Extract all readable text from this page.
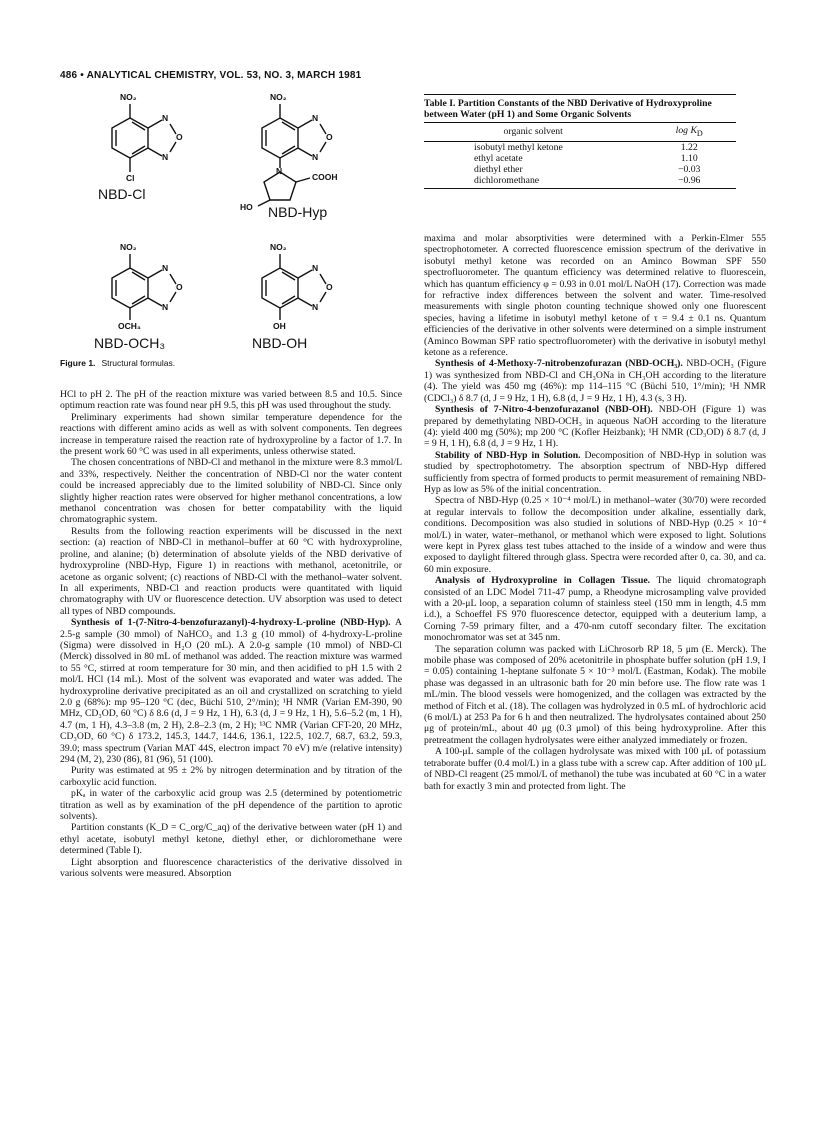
486 • ANALYTICAL CHEMISTRY, VOL. 53, NO. 3, MARCH 1981
NO₂
N
O
N
Cl
NBD-Cl
NO₂
N
O
N
N
COOH
HO NBD-Hyp
NO₂
N
O
N
OCH₃
NBD-OCH₃
NO₂
N
O
N
OH
NBD-OH
Figure 1. Structural formulas.
Table I. Partition Constants of the NBD Derivative of Hydroxyproline between Water (pH 1) and Some Organic Solvents
organic solvent	$\log K_D$
isobutyl methyl ketone	1.22
ethyl acetate	1.10
diethyl ether	−0.03
dichloromethane	−0.96

HCl to pH 2. The pH of the reaction mixture was varied between 8.5 and 10.5. Since optimum reaction rate was found near pH 9.5, this pH was used throughout the study.

Preliminary experiments had shown similar temperature dependence for the reactions with different amino acids as well as with solvent components. Ten degrees increase in temperature raised the reaction rate of hydroxyproline by a factor of 1.7. In the present work 60 °C was used in all experiments, unless otherwise stated.

The chosen concentrations of NBD-Cl and methanol in the mixture were 8.3 mmol/L and 33%, respectively. Neither the concentration of NBD-Cl nor the water content could be increased appreciably due to the limited solubility of NBD-Cl. Since only slightly higher reaction rates were observed for higher methanol concentrations, a low methanol concentration was chosen for better compatability with the liquid chromatographic system.

Results from the following reaction experiments will be discussed in the next section: (a) reaction of NBD-Cl in methanol–buffer at 60 °C with hydroxyproline, proline, and alanine; (b) determination of absolute yields of the NBD derivative of hydroxyproline (NBD-Hyp, Figure 1) in reactions with methanol, acetonitrile, or acetone as organic solvent; (c) reactions of NBD-Cl with the methanol–water solvent. In all experiments, NBD-Cl and reaction products were quantitated with liquid chromatography with UV or fluorescence detection. UV absorption was used to detect all types of NBD compounds.

Synthesis of 1-(7-Nitro-4-benzofurazanyl)-4-hydroxy-L-proline (NBD-Hyp). A 2.5-g sample (30 mmol) of NaHCO₃ and 1.3 g (10 mmol) of 4-hydroxy-L-proline (Sigma) were dissolved in H₂O (20 mL). A 2.0-g sample (10 mmol) of NBD-Cl (Merck) dissolved in 80 mL of methanol was added. The reaction mixture was warmed to 55 °C, stirred at room temperature for 30 min, and then acidified to pH 1.5 with 2 mol/L HCl (14 mL). Most of the solvent was evaporated and water was added. The hydroxyproline derivative precipitated as an oil and crystallized on scratching to yield 2.0 g (68%): mp 95–120 °C (dec, Büchi 510, 2°/min); ¹H NMR (Varian EM-390, 90 MHz, CD₃OD, 60 °C) δ 8.6 (d, J = 9 Hz, 1 H), 6.3 (d, J = 9 Hz, 1 H), 5.6–5.2 (m, 1 H), 4.7 (m, 1 H), 4.3–3.8 (m, 2 H), 2.8–2.3 (m, 2 H); ¹³C NMR (Varian CFT-20, 20 MHz, CD₃OD, 60 °C) δ 173.2, 145.3, 144.7, 144.6, 136.1, 122.5, 102.7, 68.7, 63.2, 59.3, 39.0; mass spectrum (Varian MAT 44S, electron impact 70 eV) m/e (relative intensity) 294 (M, 2), 230 (86), 81 (96), 51 (100).

Purity was estimated at 95 ± 2% by nitrogen determination and by titration of the carboxylic acid function.

pKₐ in water of the carboxylic acid group was 2.5 (determined by potentiometric titration as well as by examination of the pH dependence of the partition to aprotic solvents).

Partition constants (K_D = C_org/C_aq) of the derivative between water (pH 1) and ethyl acetate, isobutyl methyl ketone, diethyl ether, or dichloromethane were determined (Table I).

Light absorption and fluorescence characteristics of the derivative dissolved in various solvents were measured. Absorption

maxima and molar absorptivities were determined with a Perkin-Elmer 555 spectrophotometer. A corrected fluorescence emission spectrum of the derivative in isobutyl methyl ketone was recorded on an Aminco Bowman SPF 550 spectrofluorometer. The quantum efficiency was determined relative to fluorescein, which has quantum efficiency φ = 0.93 in 0.01 mol/L NaOH (17). Correction was made for refractive index differences between the solvent and water. Time-resolved measurements with single photon counting technique showed only one fluorescent species, having a lifetime in isobutyl methyl ketone of τ = 9.4 ± 0.1 ns. Quantum efficiencies of the derivative in other solvents were determined on a simple instrument (Aminco Bowman SPF ratio spectrofluorometer) with the derivative in isobutyl methyl ketone as a reference.

Synthesis of 4-Methoxy-7-nitrobenzofurazan (NBD-OCH₃). NBD-OCH₃ (Figure 1) was synthesized from NBD-Cl and CH₃ONa in CH₃OH according to the literature (4). The yield was 450 mg (46%): mp 114–115 °C (Büchi 510, 1°/min); ¹H NMR (CDCl₃) δ 8.7 (d, J = 9 Hz, 1 H), 6.8 (d, J = 9 Hz, 1 H), 4.3 (s, 3 H).

Synthesis of 7-Nitro-4-benzofurazanol (NBD-OH). NBD-OH (Figure 1) was prepared by demethylating NBD-OCH₃ in aqueous NaOH according to the literature (4): yield 400 mg (50%); mp 200 °C (Kofler Heizbank); ¹H NMR (CD₃OD) δ 8.7 (d, J = 9 H, 1 H), 6.8 (d, J = 9 Hz, 1 H).

Stability of NBD-Hyp in Solution. Decomposition of NBD-Hyp in solution was studied by spectrophotometry. The absorption spectrum of NBD-Hyp differed sufficiently from spectra of formed products to permit measurement of remaining NBD-Hyp as low as 5% of the initial concentration.

Spectra of NBD-Hyp (0.25 × 10⁻⁴ mol/L) in methanol–water (30/70) were recorded at regular intervals to follow the decomposition under alkaline, essentially dark, conditions. Decomposition was also studied in solutions of NBD-Hyp (0.25 × 10⁻⁴ mol/L) in water, water–methanol, or methanol which were exposed to light. Solutions were kept in Pyrex glass test tubes attached to the inside of a window and were thus exposed to daylight filtered through glass. Spectra were recorded after 0, ca. 30, and ca. 60 min exposure.

Analysis of Hydroxyproline in Collagen Tissue. The liquid chromatograph consisted of an LDC Model 711-47 pump, a Rheodyne microsampling valve provided with a 20-μL loop, a separation column of stainless steel (150 mm in length, 4.5 mm i.d.), a Schoeffel FS 970 fluorescence detector, equipped with a deuterium lamp, a Corning 7-59 primary filter, and a 470-nm cutoff secondary filter. The excitation monochromator was set at 345 nm.

The separation column was packed with LiChrosorb RP 18, 5 μm (E. Merck). The mobile phase was composed of 20% acetonitrile in phosphate buffer solution (pH 1.9, I = 0.05) containing 1-heptane sulfonate 5 × 10⁻³ mol/L (Eastman, Kodak). The mobile phase was degassed in an ultrasonic bath for 20 min before use. The flow rate was 1 mL/min. The blood vessels were homogenized, and the collagen was extracted by the method of Fitch et al. (18). The collagen was hydrolyzed in 0.5 mL of hydrochloric acid (6 mol/L) at 253 Pa for 6 h and then neutralized. The hydrolysates contained about 250 μg of protein/mL, about 40 μg (0.3 μmol) of this being hydroxyproline. After this pretreatment the collagen hydrolysates were either analyzed immediately or frozen.

A 100-μL sample of the collagen hydrolysate was mixed with 100 μL of potassium tetraborate buffer (0.4 mol/L) in a glass tube with a screw cap. After addition of 100 μL of NBD-Cl reagent (25 mmol/L of methanol) the tube was incubated at 60 °C in a water bath for exactly 3 min and protected from light. The
